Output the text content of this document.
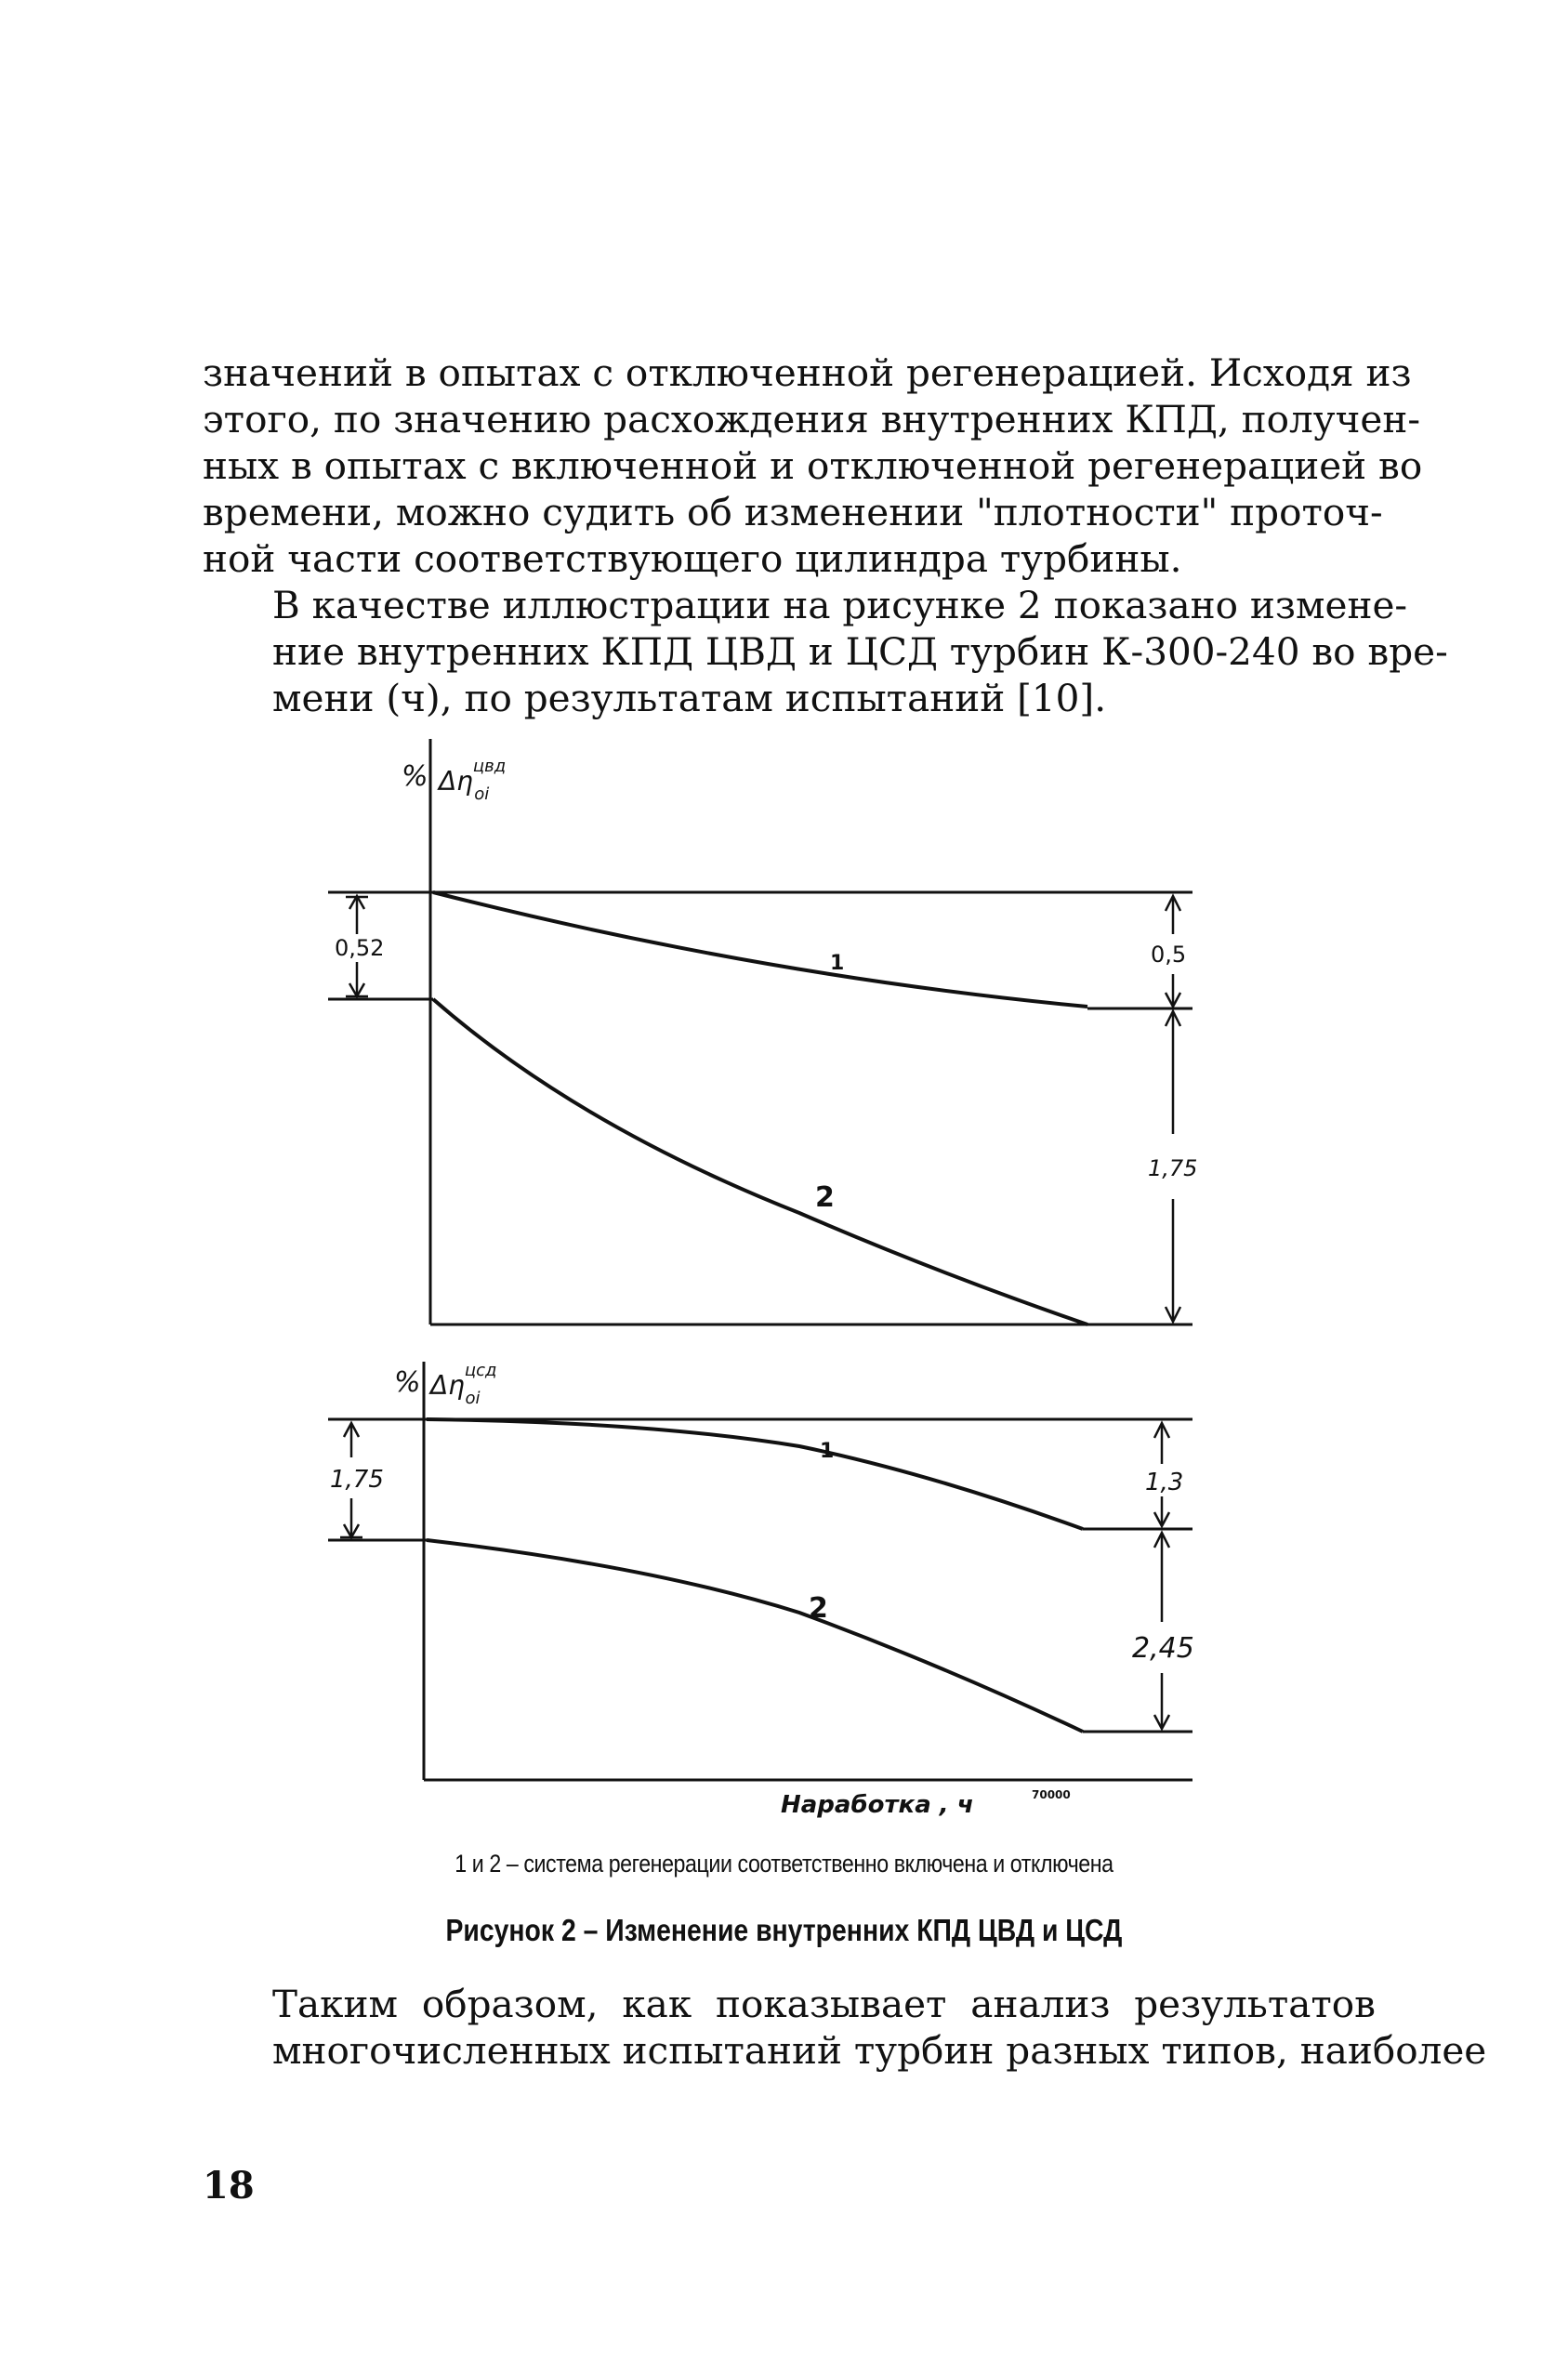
значений в опытах с отключенной регенерацией. Исходя из
этого, по значению расхождения внутренних КПД, получен-
ных в опытах с включенной и отключенной регенерацией во
времени, можно судить об изменении "плотности" проточ-
ной части соответствующего цилиндра турбины.
В качестве иллюстрации на рисунке 2 показано измене-
ние внутренних КПД ЦВД и ЦСД турбин К-300-240 во вре-
мени (ч), по результатам испытаний [10].
% $\Delta\eta^{цвд}$ oi
0,52	0,5
1,75
1
2
% $\Delta\eta^{цсд}$ oi
1,75	1,3
2,45
1
2
Наработка , ч	70000
1 и 2 – система регенерации соответственно включена и отключена
Рисунок 2 – Изменение внутренних КПД ЦВД и ЦСД
Таким образом, как показывает анализ результатов
многочисленных испытаний турбин разных типов, наиболее
18
